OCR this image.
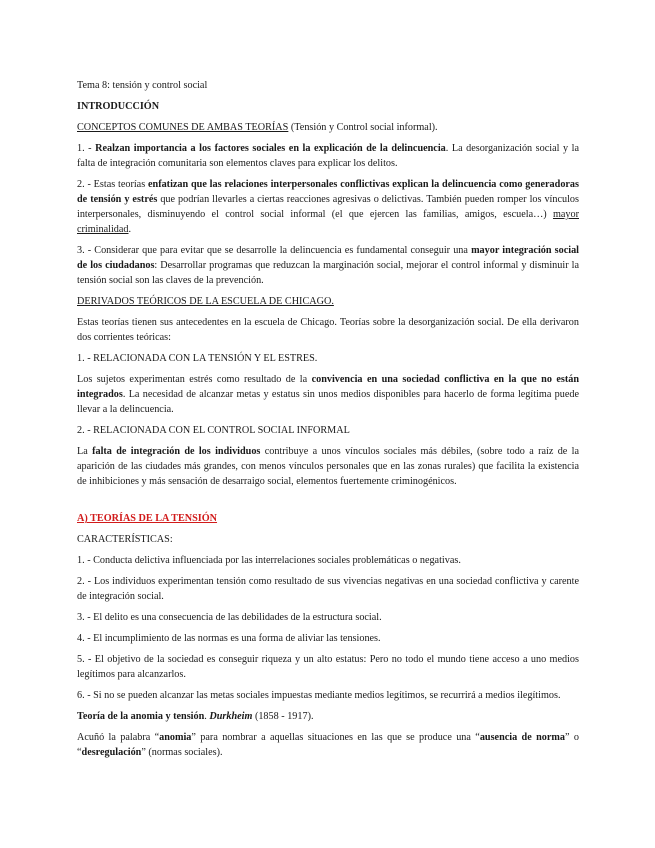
Tema 8: tensión y control social

INTRODUCCIÓN

CONCEPTOS COMUNES DE AMBAS TEORÍAS (Tensión y Control social informal).

1. - Realzan importancia a los factores sociales en la explicación de la delincuencia. La desorganización social y la falta de integración comunitaria son elementos claves para explicar los delitos.

2. - Estas teorías enfatizan que las relaciones interpersonales conflictivas explican la delincuencia como generadoras de tensión y estrés que podrían llevarles a ciertas reacciones agresivas o delictivas. También pueden romper los vínculos interpersonales, disminuyendo el control social informal (el que ejercen las familias, amigos, escuela…) mayor criminalidad.

3. - Considerar que para evitar que se desarrolle la delincuencia es fundamental conseguir una mayor integración social de los ciudadanos: Desarrollar programas que reduzcan la marginación social, mejorar el control informal y disminuir la tensión social son las claves de la prevención.

DERIVADOS TEÓRICOS DE LA ESCUELA DE CHICAGO.

Estas teorías tienen sus antecedentes en la escuela de Chicago. Teorías sobre la desorganización social. De ella derivaron dos corrientes teóricas:

1. - RELACIONADA CON LA TENSIÓN Y EL ESTRES.

Los sujetos experimentan estrés como resultado de la convivencia en una sociedad conflictiva en la que no están integrados. La necesidad de alcanzar metas y estatus sin unos medios disponibles para hacerlo de forma legítima puede llevar a la delincuencia.

2. - RELACIONADA CON EL CONTROL SOCIAL INFORMAL

La falta de integración de los individuos contribuye a unos vínculos sociales más débiles, (sobre todo a raíz de la aparición de las ciudades más grandes, con menos vínculos personales que en las zonas rurales) que facilita la existencia de inhibiciones y más sensación de desarraigo social, elementos fuertemente criminogénicos.

A) TEORÍAS DE LA TENSIÓN

CARACTERÍSTICAS:

1. - Conducta delictiva influenciada por las interrelaciones sociales problemáticas o negativas.

2. - Los individuos experimentan tensión como resultado de sus vivencias negativas en una sociedad conflictiva y carente de integración social.

3. - El delito es una consecuencia de las debilidades de la estructura social.

4. - El incumplimiento de las normas es una forma de aliviar las tensiones.

5. - El objetivo de la sociedad es conseguir riqueza y un alto estatus: Pero no todo el mundo tiene acceso a uno medios legítimos para alcanzarlos.

6. - Si no se pueden alcanzar las metas sociales impuestas mediante medios legítimos, se recurrirá a medios ilegítimos.

Teoría de la anomia y tensión. Durkheim (1858 - 1917).

Acuñó la palabra “anomia” para nombrar a aquellas situaciones en las que se produce una “ausencia de norma” o “desregulación” (normas sociales).
